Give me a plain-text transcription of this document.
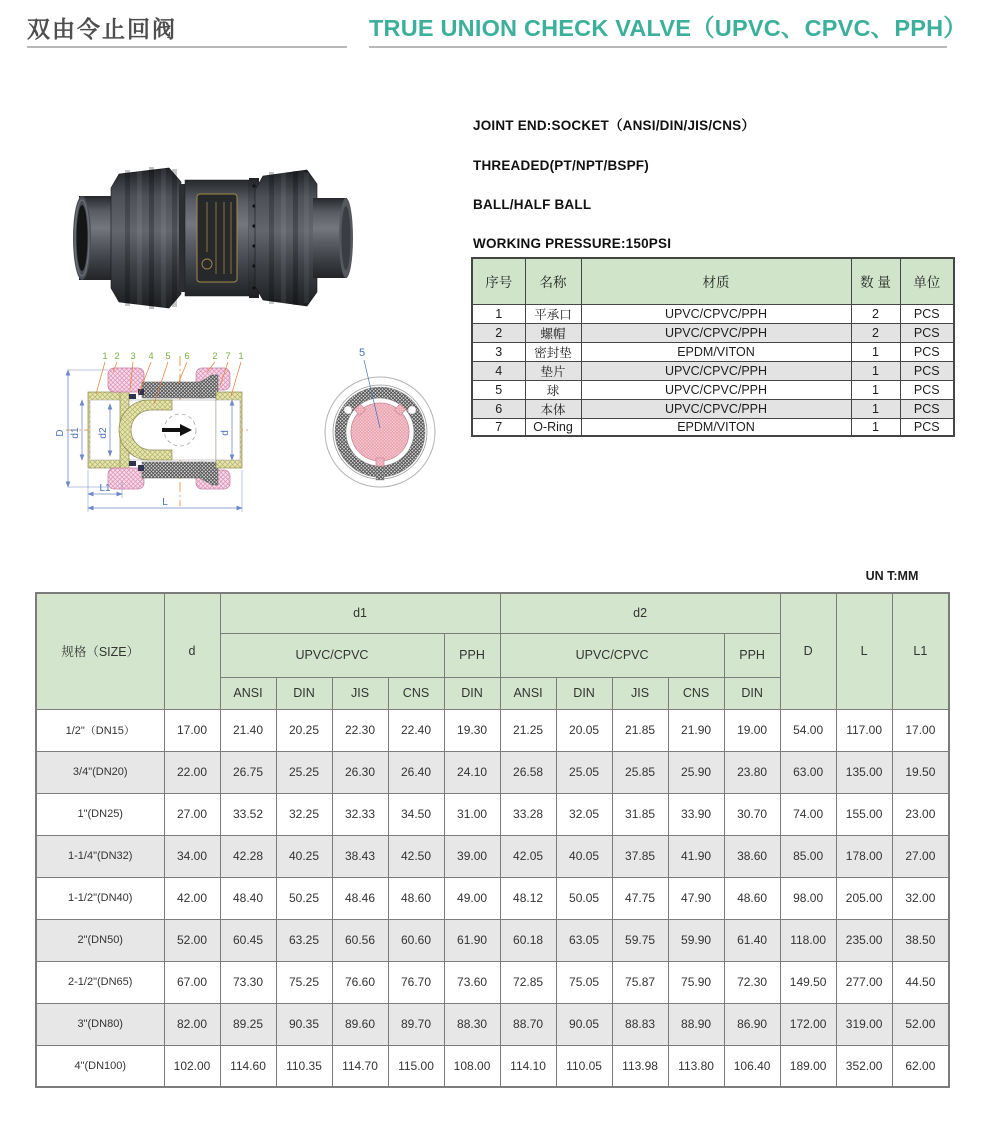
双由令止回阀	TRUE UNION CHECK VALVE（UPVC、CPVC、PPH）
JOINT END:SOCKET（ANSI/DIN/JIS/CNS）
THREADED(PT/NPT/BSPF)
BALL/HALF BALL
WORKING PRESSURE:150PSI
序号	名称	材质	数 量	单位
1	平承口	UPVC/CPVC/PPH	2	PCS
2	螺帽	UPVC/CPVC/PPH	2	PCS
3	密封垫	EPDM/VITON	1	PCS
4	垫片	UPVC/CPVC/PPH	1	PCS
5	球	UPVC/CPVC/PPH	1	PCS
6	本体	UPVC/CPVC/PPH	1	PCS
7	O-Ring	EPDM/VITON	1	PCS
D d1 d2	d
L1
L
1 2 3 4 5 6 2 7 1	5
UN T:MM
规格（SIZE）	d	d1					d2					D	L	L1
		UPVC/CPVC				PPH	UPVC/CPVC				PPH			
		ANSI	DIN	JIS	CNS	DIN	ANSI	DIN	JIS	CNS	DIN			
1/2"（DN15）	17.00	21.40	20.25	22.30	22.40	19.30	21.25	20.05	21.85	21.90	19.00	54.00	117.00	17.00
3/4"(DN20)	22.00	26.75	25.25	26.30	26.40	24.10	26.58	25.05	25.85	25.90	23.80	63.00	135.00	19.50
1"(DN25)	27.00	33.52	32.25	32.33	34.50	31.00	33.28	32.05	31.85	33.90	30.70	74.00	155.00	23.00
1-1/4"(DN32)	34.00	42.28	40.25	38.43	42.50	39.00	42.05	40.05	37.85	41.90	38.60	85.00	178.00	27.00
1-1/2"(DN40)	42.00	48.40	50.25	48.46	48.60	49.00	48.12	50.05	47.75	47.90	48.60	98.00	205.00	32.00
2"(DN50)	52.00	60.45	63.25	60.56	60.60	61.90	60.18	63.05	59.75	59.90	61.40	118.00	235.00	38.50
2-1/2"(DN65)	67.00	73.30	75.25	76.60	76.70	73.60	72.85	75.05	75.87	75.90	72.30	149.50	277.00	44.50
3"(DN80)	82.00	89.25	90.35	89.60	89.70	88.30	88.70	90.05	88.83	88.90	86.90	172.00	319.00	52.00
4"(DN100)	102.00	114.60	110.35	114.70	115.00	108.00	114.10	110.05	113.98	113.80	106.40	189.00	352.00	62.00
